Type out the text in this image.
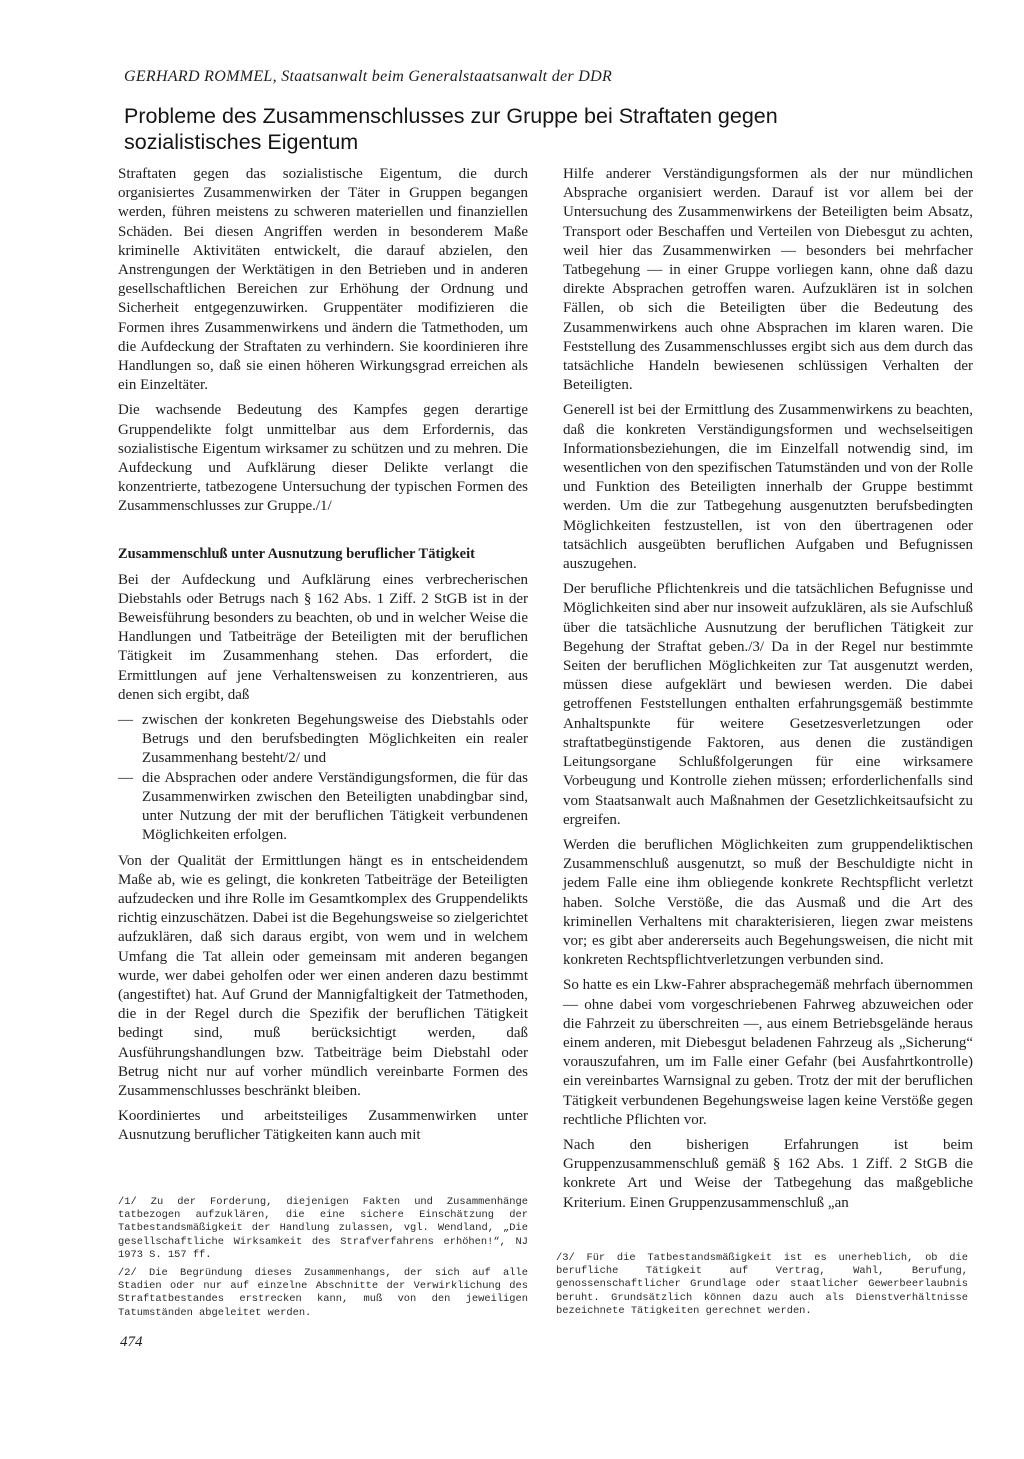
GERHARD ROMMEL, Staatsanwalt beim Generalstaatsanwalt der DDR
Probleme des Zusammenschlusses zur Gruppe bei Straftaten gegen sozialistisches Eigentum

Straftaten gegen das sozialistische Eigentum, die durch organisiertes Zusammenwirken der Täter in Gruppen begangen werden, führen meistens zu schweren materiellen und finanziellen Schäden. Bei diesen Angriffen werden in besonderem Maße kriminelle Aktivitäten entwickelt, die darauf abzielen, den Anstrengungen der Werktätigen in den Betrieben und in anderen gesellschaftlichen Bereichen zur Erhöhung der Ordnung und Sicherheit entgegenzuwirken. Gruppentäter modifizieren die Formen ihres Zusammenwirkens und ändern die Tatmethoden, um die Aufdeckung der Straftaten zu verhindern. Sie koordinieren ihre Handlungen so, daß sie einen höheren Wirkungsgrad erreichen als ein Einzeltäter.

Die wachsende Bedeutung des Kampfes gegen derartige Gruppendelikte folgt unmittelbar aus dem Erfordernis, das sozialistische Eigentum wirksamer zu schützen und zu mehren. Die Aufdeckung und Aufklärung dieser Delikte verlangt die konzentrierte, tatbezogene Untersuchung der typischen Formen des Zusammenschlusses zur Gruppe./1/

Zusammenschluß unter Ausnutzung beruflicher Tätigkeit

Bei der Aufdeckung und Aufklärung eines verbrecherischen Diebstahls oder Betrugs nach § 162 Abs. 1 Ziff. 2 StGB ist in der Beweisführung besonders zu beachten, ob und in welcher Weise die Handlungen und Tatbeiträge der Beteiligten mit der beruflichen Tätigkeit im Zusammenhang stehen. Das erfordert, die Ermittlungen auf jene Verhaltensweisen zu konzentrieren, aus denen sich ergibt, daß

— zwischen der konkreten Begehungsweise des Diebstahls oder Betrugs und den berufsbedingten Möglichkeiten ein realer Zusammenhang besteht/2/ und
— die Absprachen oder andere Verständigungsformen, die für das Zusammenwirken zwischen den Beteiligten unabdingbar sind, unter Nutzung der mit der beruflichen Tätigkeit verbundenen Möglichkeiten erfolgen.

Von der Qualität der Ermittlungen hängt es in entscheidendem Maße ab, wie es gelingt, die konkreten Tatbeiträge der Beteiligten aufzudecken und ihre Rolle im Gesamtkomplex des Gruppendelikts richtig einzuschätzen. Dabei ist die Begehungsweise so zielgerichtet aufzuklären, daß sich daraus ergibt, von wem und in welchem Umfang die Tat allein oder gemeinsam mit anderen begangen wurde, wer dabei geholfen oder wer einen anderen dazu bestimmt (angestiftet) hat. Auf Grund der Mannigfaltigkeit der Tatmethoden, die in der Regel durch die Spezifik der beruflichen Tätigkeit bedingt sind, muß berücksichtigt werden, daß Ausführungshandlungen bzw. Tatbeiträge beim Diebstahl oder Betrug nicht nur auf vorher mündlich vereinbarte Formen des Zusammenschlusses beschränkt bleiben.

Koordiniertes und arbeitsteiliges Zusammenwirken unter Ausnutzung beruflicher Tätigkeiten kann auch mit

Hilfe anderer Verständigungsformen als der nur mündlichen Absprache organisiert werden. Darauf ist vor allem bei der Untersuchung des Zusammenwirkens der Beteiligten beim Absatz, Transport oder Beschaffen und Verteilen von Diebesgut zu achten, weil hier das Zusammenwirken — besonders bei mehrfacher Tatbegehung — in einer Gruppe vorliegen kann, ohne daß dazu direkte Absprachen getroffen waren. Aufzuklären ist in solchen Fällen, ob sich die Beteiligten über die Bedeutung des Zusammenwirkens auch ohne Absprachen im klaren waren. Die Feststellung des Zusammenschlusses ergibt sich aus dem durch das tatsächliche Handeln bewiesenen schlüssigen Verhalten der Beteiligten.

Generell ist bei der Ermittlung des Zusammenwirkens zu beachten, daß die konkreten Verständigungsformen und wechselseitigen Informationsbeziehungen, die im Einzelfall notwendig sind, im wesentlichen von den spezifischen Tatumständen und von der Rolle und Funktion des Beteiligten innerhalb der Gruppe bestimmt werden. Um die zur Tatbegehung ausgenutzten berufsbedingten Möglichkeiten festzustellen, ist von den übertragenen oder tatsächlich ausgeübten beruflichen Aufgaben und Befugnissen auszugehen.

Der berufliche Pflichtenkreis und die tatsächlichen Befugnisse und Möglichkeiten sind aber nur insoweit aufzuklären, als sie Aufschluß über die tatsächliche Ausnutzung der beruflichen Tätigkeit zur Begehung der Straftat geben./3/ Da in der Regel nur bestimmte Seiten der beruflichen Möglichkeiten zur Tat ausgenutzt werden, müssen diese aufgeklärt und bewiesen werden. Die dabei getroffenen Feststellungen enthalten erfahrungsgemäß bestimmte Anhaltspunkte für weitere Gesetzesverletzungen oder straftatbegünstigende Faktoren, aus denen die zuständigen Leitungsorgane Schlußfolgerungen für eine wirksamere Vorbeugung und Kontrolle ziehen müssen; erforderlichenfalls sind vom Staatsanwalt auch Maßnahmen der Gesetzlichkeitsaufsicht zu ergreifen.

Werden die beruflichen Möglichkeiten zum gruppendeliktischen Zusammenschluß ausgenutzt, so muß der Beschuldigte nicht in jedem Falle eine ihm obliegende konkrete Rechtspflicht verletzt haben. Solche Verstöße, die das Ausmaß und die Art des kriminellen Verhaltens mit charakterisieren, liegen zwar meistens vor; es gibt aber andererseits auch Begehungsweisen, die nicht mit konkreten Rechtspflichtverletzungen verbunden sind.

So hatte es ein Lkw-Fahrer absprachegemäß mehrfach übernommen — ohne dabei vom vorgeschriebenen Fahrweg abzuweichen oder die Fahrzeit zu überschreiten —, aus einem Betriebsgelände heraus einem anderen, mit Diebesgut beladenen Fahrzeug als „Sicherung“ vorauszufahren, um im Falle einer Gefahr (bei Ausfahrtkontrolle) ein vereinbartes Warnsignal zu geben. Trotz der mit der beruflichen Tätigkeit verbundenen Begehungsweise lagen keine Verstöße gegen rechtliche Pflichten vor.

Nach den bisherigen Erfahrungen ist beim Gruppenzusammenschluß gemäß § 162 Abs. 1 Ziff. 2 StGB die konkrete Art und Weise der Tatbegehung das maßgebliche Kriterium. Einen Gruppenzusammenschluß „an

/1/ Zu der Forderung, diejenigen Fakten und Zusammenhänge tatbezogen aufzuklären, die eine sichere Einschätzung der Tatbestandsmäßigkeit der Handlung zulassen, vgl. Wendland, „Die gesellschaftliche Wirksamkeit des Strafverfahrens erhöhen!“, NJ 1973 S. 157 ff.

/2/ Die Begründung dieses Zusammenhangs, der sich auf alle Stadien oder nur auf einzelne Abschnitte der Verwirklichung des Straftatbestandes erstrecken kann, muß von den jeweiligen Tatumständen abgeleitet werden.

/3/ Für die Tatbestandsmäßigkeit ist es unerheblich, ob die berufliche Tätigkeit auf Vertrag, Wahl, Berufung, genossenschaftlicher Grundlage oder staatlicher Gewerbeerlaubnis beruht. Grundsätzlich können dazu auch als Dienstverhältnisse bezeichnete Tätigkeiten gerechnet werden.

474
